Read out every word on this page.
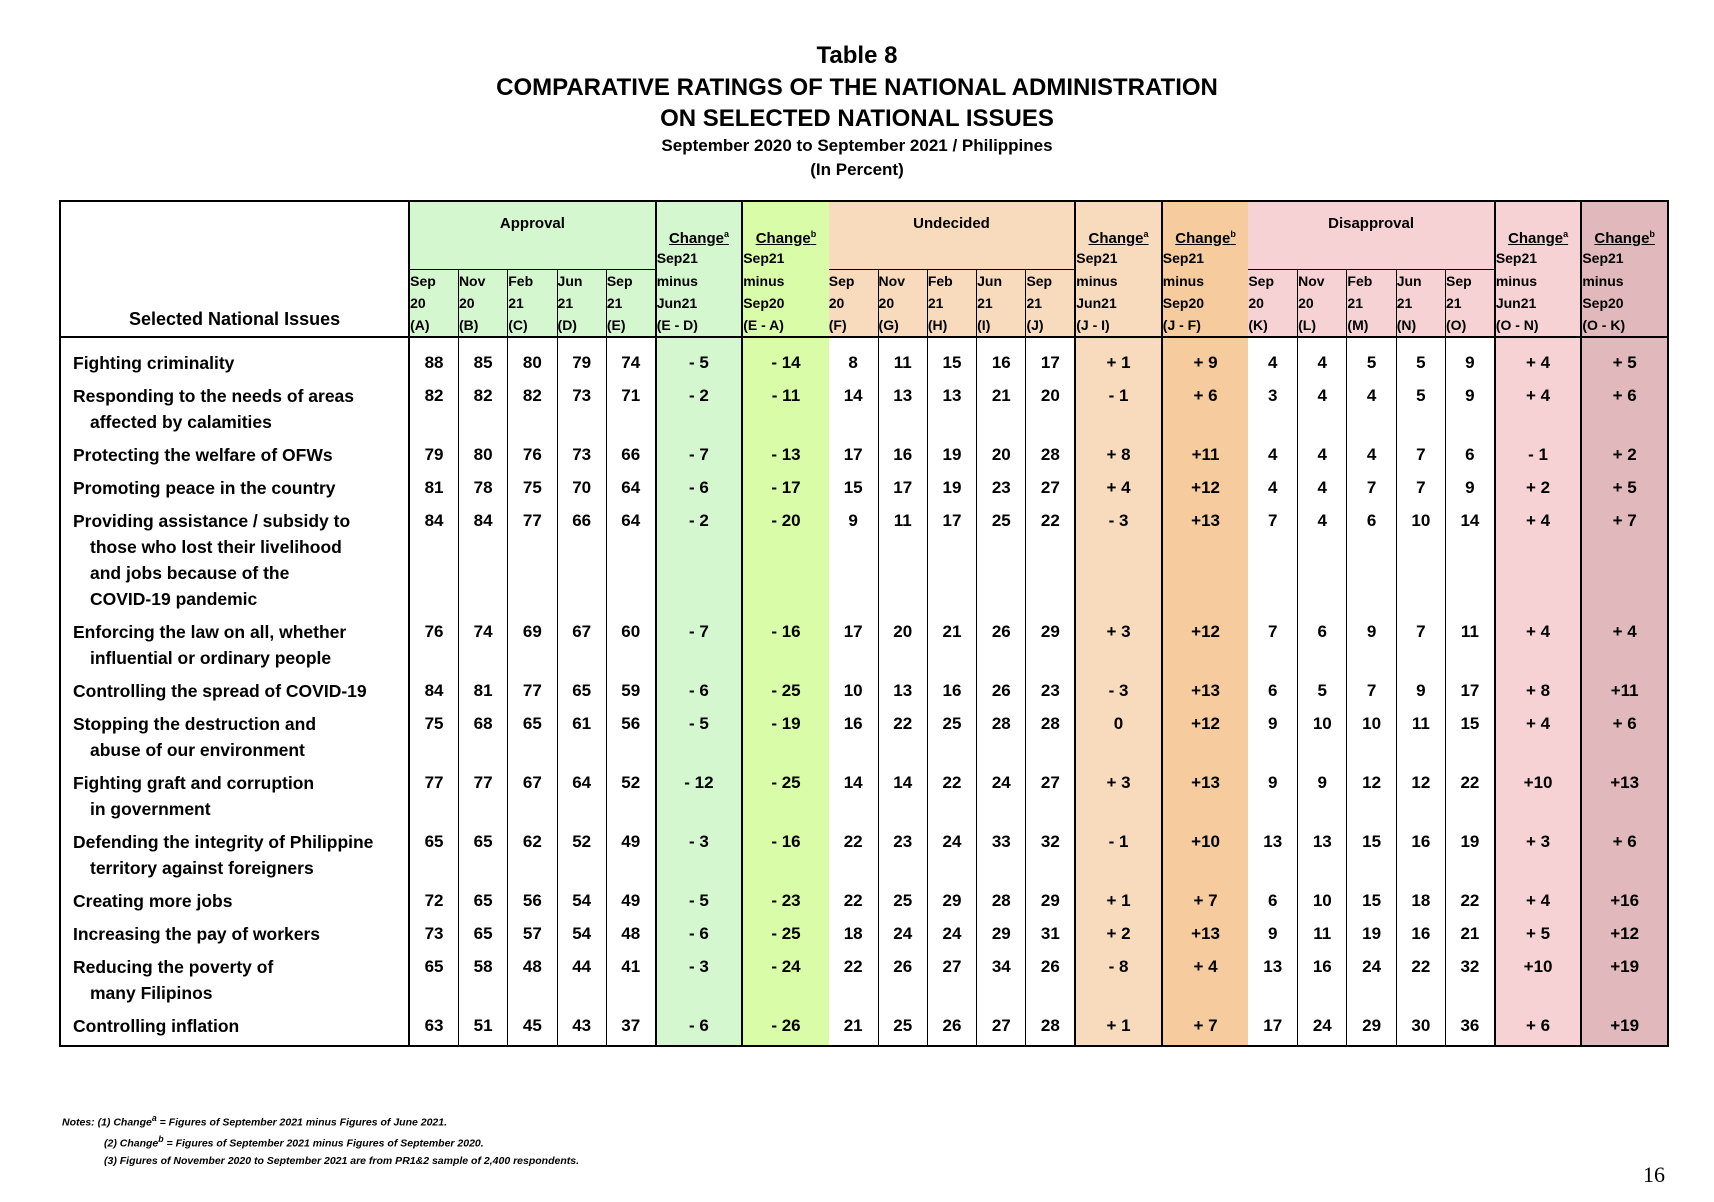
Table 8
COMPARATIVE RATINGS OF THE NATIONAL ADMINISTRATION
ON SELECTED NATIONAL ISSUES
September 2020 to September 2021 / Philippines
(In Percent)
Selected National Issues	Approval					Change$^a$	Change$^b$	Undecided					Change$^a$	Change$^b$	Disapproval					Change$^a$	Change$^b$
						Sep21	Sep21						Sep21	Sep21						Sep21	Sep21
	Sep	Nov	Feb	Jun	Sep	minus	minus	Sep	Nov	Feb	Jun	Sep	minus	minus	Sep	Nov	Feb	Jun	Sep	minus	minus
	20	20	21	21	21	Jun21	Sep20	20	20	21	21	21	Jun21	Sep20	20	20	21	21	21	Jun21	Sep20
	(A)	(B)	(C)	(D)	(E)	(E - D)	(E - A)	(F)	(G)	(H)	(I)	(J)	(J - I)	(J - F)	(K)	(L)	(M)	(N)	(O)	(O - N)	(O - K)
Fighting criminality	88	85	80	79	74	- 5	- 14	8	11	15	16	17	+ 1	+ 9	4	4	5	5	9	+ 4	+ 5
Responding to the needs of areas

affected by calamities	82	82	82	73	71	- 2	- 11	14	13	13	21	20	- 1	+ 6	3	4	4	5	9	+ 4	+ 6
Protecting the welfare of OFWs	79	80	76	73	66	- 7	- 13	17	16	19	20	28	+ 8	+11	4	4	4	7	6	- 1	+ 2
Promoting peace in the country	81	78	75	70	64	- 6	- 17	15	17	19	23	27	+ 4	+12	4	4	7	7	9	+ 2	+ 5
Providing assistance / subsidy to

those who lost their livelihood
and jobs because of the
COVID-19 pandemic	84	84	77	66	64	- 2	- 20	9	11	17	25	22	- 3	+13	7	4	6	10	14	+ 4	+ 7
Enforcing the law on all, whether

influential or ordinary people	76	74	69	67	60	- 7	- 16	17	20	21	26	29	+ 3	+12	7	6	9	7	11	+ 4	+ 4
Controlling the spread of COVID-19	84	81	77	65	59	- 6	- 25	10	13	16	26	23	- 3	+13	6	5	7	9	17	+ 8	+11
Stopping the destruction and

abuse of our environment	75	68	65	61	56	- 5	- 19	16	22	25	28	28	0	+12	9	10	10	11	15	+ 4	+ 6
Fighting graft and corruption

in government	77	77	67	64	52	- 12	- 25	14	14	22	24	27	+ 3	+13	9	9	12	12	22	+10	+13
Defending the integrity of Philippine

territory against foreigners	65	65	62	52	49	- 3	- 16	22	23	24	33	32	- 1	+10	13	13	15	16	19	+ 3	+ 6
Creating more jobs	72	65	56	54	49	- 5	- 23	22	25	29	28	29	+ 1	+ 7	6	10	15	18	22	+ 4	+16
Increasing the pay of workers	73	65	57	54	48	- 6	- 25	18	24	24	29	31	+ 2	+13	9	11	19	16	21	+ 5	+12
Reducing the poverty of

many Filipinos	65	58	48	44	41	- 3	- 24	22	26	27	34	26	- 8	+ 4	13	16	24	22	32	+10	+19
Controlling inflation	63	51	45	43	37	- 6	- 26	21	25	26	27	28	+ 1	+ 7	17	24	29	30	36	+ 6	+19
Notes: (1) Change$^a$ = Figures of September 2021 minus Figures of June 2021.
(2) Change$^b$ = Figures of September 2021 minus Figures of September 2020.
(3) Figures of November 2020 to September 2021 are from PR1&2 sample of 2,400 respondents.
16
